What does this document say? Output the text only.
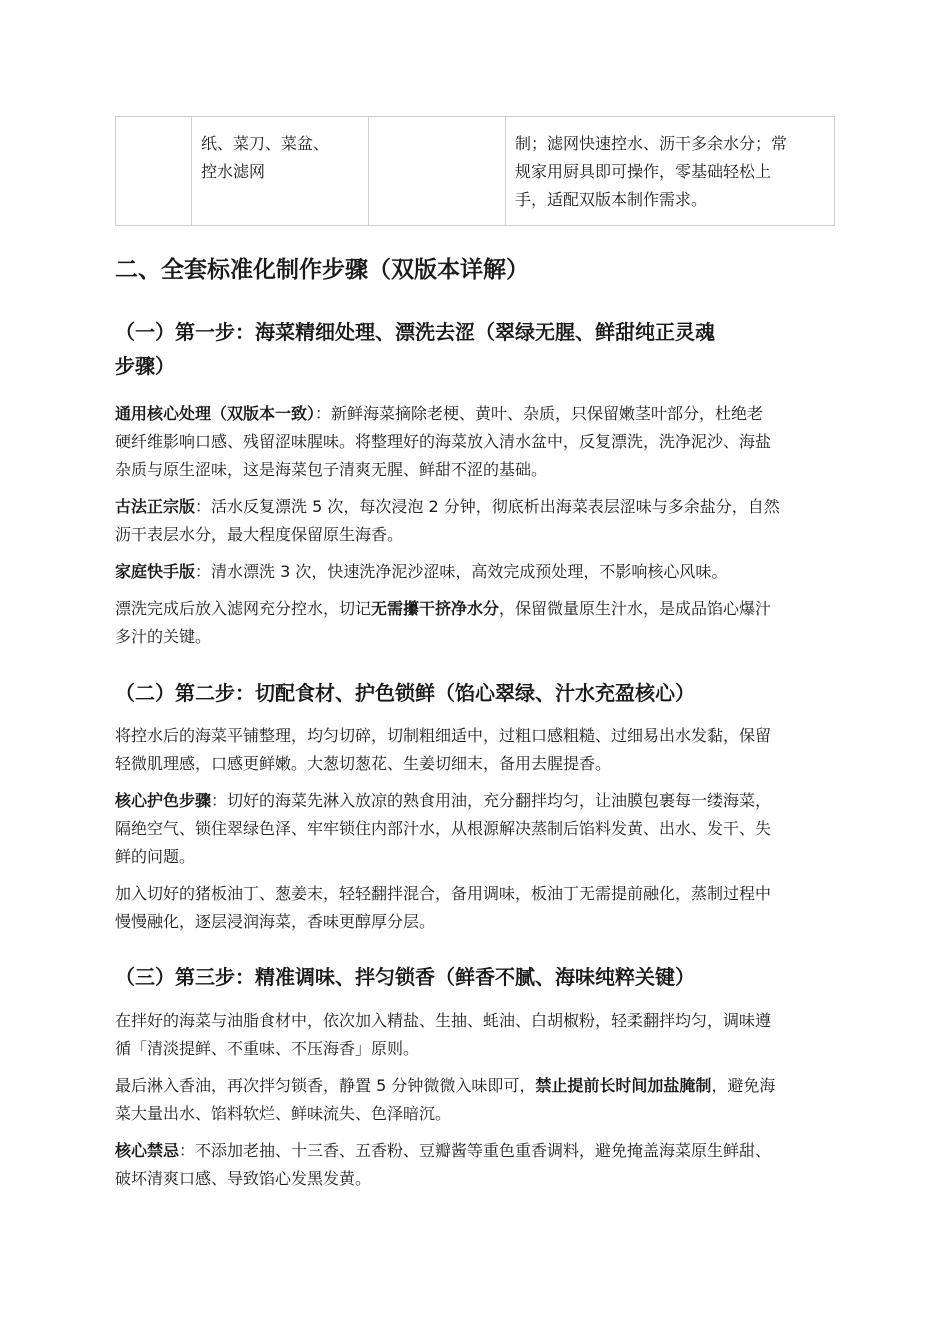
纸、菜刀、菜盆、
控水滤网
制；滤网快速控水、沥干多余水分；常
规家用厨具即可操作，零基础轻松上
手，适配双版本制作需求。
二、全套标准化制作步骤（双版本详解）
（一）第一步：海菜精细处理、漂洗去涩（翠绿无腥、鲜甜纯正灵魂
步骤）
通用核心处理（双版本一致）：新鲜海菜摘除老梗、黄叶、杂质，只保留嫩茎叶部分，杜绝老
硬纤维影响口感、残留涩味腥味。将整理好的海菜放入清水盆中，反复漂洗，洗净泥沙、海盐
杂质与原生涩味，这是海菜包子清爽无腥、鲜甜不涩的基础。
古法正宗版：活水反复漂洗 5 次，每次浸泡 2 分钟，彻底析出海菜表层涩味与多余盐分，自然
沥干表层水分，最大程度保留原生海香。
家庭快手版：清水漂洗 3 次，快速洗净泥沙涩味，高效完成预处理，不影响核心风味。
漂洗完成后放入滤网充分控水，切记无需攥干挤净水分，保留微量原生汁水，是成品馅心爆汁
多汁的关键。
（二）第二步：切配食材、护色锁鲜（馅心翠绿、汁水充盈核心）
将控水后的海菜平铺整理，均匀切碎，切制粗细适中，过粗口感粗糙、过细易出水发黏，保留
轻微肌理感，口感更鲜嫩。大葱切葱花、生姜切细末，备用去腥提香。
核心护色步骤：切好的海菜先淋入放凉的熟食用油，充分翻拌均匀，让油膜包裹每一缕海菜，
隔绝空气、锁住翠绿色泽、牢牢锁住内部汁水，从根源解决蒸制后馅料发黄、出水、发干、失
鲜的问题。
加入切好的猪板油丁、葱姜末，轻轻翻拌混合，备用调味，板油丁无需提前融化，蒸制过程中
慢慢融化，逐层浸润海菜，香味更醇厚分层。
（三）第三步：精准调味、拌匀锁香（鲜香不腻、海味纯粹关键）
在拌好的海菜与油脂食材中，依次加入精盐、生抽、蚝油、白胡椒粉，轻柔翻拌均匀，调味遵
循「清淡提鲜、不重味、不压海香」原则。
最后淋入香油，再次拌匀锁香，静置 5 分钟微微入味即可，禁止提前长时间加盐腌制，避免海
菜大量出水、馅料软烂、鲜味流失、色泽暗沉。
核心禁忌：不添加老抽、十三香、五香粉、豆瓣酱等重色重香调料，避免掩盖海菜原生鲜甜、
破坏清爽口感、导致馅心发黑发黄。
